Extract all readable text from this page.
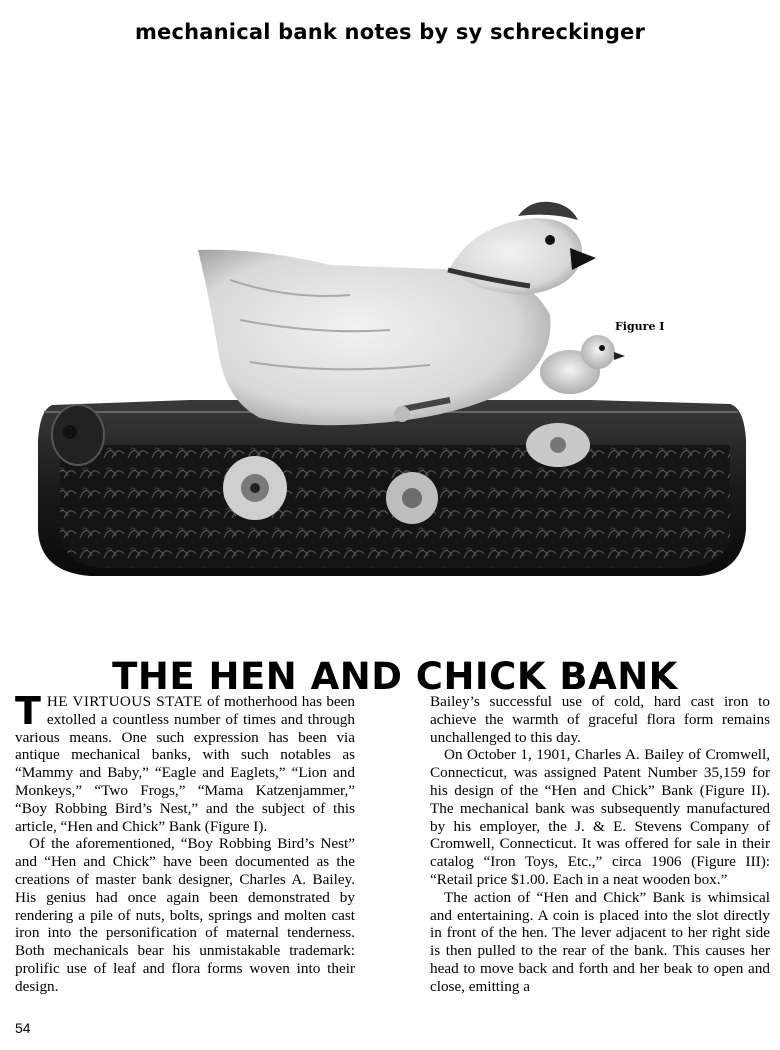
mechanical bank notes by sy schreckinger
Figure I
THE HEN AND CHICK BANK

THE VIRTUOUS STATE of motherhood has been extolled a countless number of times and through various means. One such expression has been via antique mechanical banks, with such notables as “Mammy and Baby,” “Eagle and Eaglets,” “Lion and Monkeys,” “Two Frogs,” “Mama Katzenjammer,” “Boy Robbing Bird’s Nest,” and the subject of this article, “Hen and Chick” Bank (Figure I).

Of the aforementioned, “Boy Robbing Bird’s Nest” and “Hen and Chick” have been documented as the creations of master bank designer, Charles A. Bailey. His genius had once again been demonstrated by rendering a pile of nuts, bolts, springs and molten cast iron into the personification of maternal tenderness. Both mechanicals bear his unmistakable trademark: prolific use of leaf and flora forms woven into their design.

Bailey’s successful use of cold, hard cast iron to achieve the warmth of graceful flora form remains unchallenged to this day.

On October 1, 1901, Charles A. Bailey of Cromwell, Connecticut, was assigned Patent Number 35,159 for his design of the “Hen and Chick” Bank (Figure II). The mechanical bank was subsequently manufactured by his employer, the J. & E. Stevens Company of Cromwell, Connecticut. It was offered for sale in their catalog “Iron Toys, Etc.,” circa 1906 (Figure III): “Retail price $1.00. Each in a neat wooden box.”

The action of “Hen and Chick” Bank is whimsical and entertaining. A coin is placed into the slot directly in front of the hen. The lever adjacent to her right side is then pulled to the rear of the bank. This causes her head to move back and forth and her beak to open and close, emitting a

54
